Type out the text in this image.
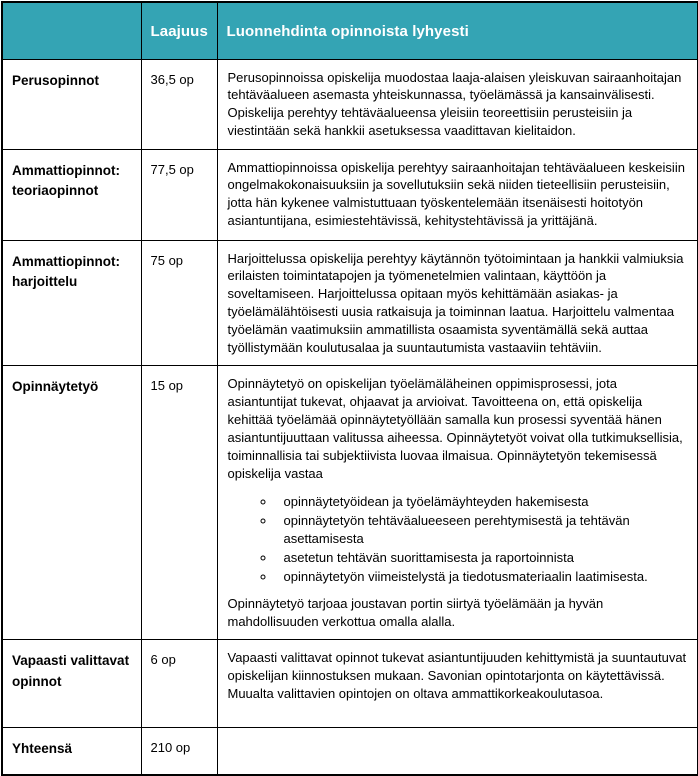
	Laajuus	Luonnehdinta opinnoista lyhyesti
Perusopinnot	36,5 op	Perusopinnoissa opiskelija muodostaa laaja-alaisen yleiskuvan sairaanhoitajan tehtäväalueen asemasta yhteiskunnassa, työelämässä ja kansainvälisesti. Opiskelija perehtyy tehtäväalueensa yleisiin teoreettisiin perusteisiin ja viestintään sekä hankkii asetuksessa vaadittavan kielitaidon.

Ammattiopinnot: teoriaopinnot	77,5 op	Ammattiopinnoissa opiskelija perehtyy sairaanhoitajan tehtäväalueen keskeisiin ongelmakokonaisuuksiin ja sovellutuksiin sekä niiden tieteellisiin perusteisiin, jotta hän kykenee valmistuttuaan työskentelemään itsenäisesti hoitotyön asiantuntijana, esimiestehtävissä, kehitystehtävissä ja yrittäjänä.

Ammattiopinnot: harjoittelu	75 op	Harjoittelussa opiskelija perehtyy käytännön työtoimintaan ja hankkii valmiuksia erilaisten toimintatapojen ja työmenetelmien valintaan, käyttöön ja soveltamiseen. Harjoittelussa opitaan myös kehittämään asiakas- ja työelämälähtöisesti uusia ratkaisuja ja toiminnan laatua. Harjoittelu valmentaa työelämän vaatimuksiin ammatillista osaamista syventämällä sekä auttaa työllistymään koulutusalaa ja suuntautumista vastaaviin tehtäviin.

Opinnäytetyö	15 op	Opinnäytetyö on opiskelijan työelämäläheinen oppimisprosessi, jota asiantuntijat tukevat, ohjaavat ja arvioivat. Tavoitteena on, että opiskelija kehittää työelämää opinnäytetyöllään samalla kun prosessi syventää hänen asiantuntijuuttaan valitussa aiheessa. Opinnäytetyöt voivat olla tutkimuksellisia, toiminnallisia tai subjektiivista luovaa ilmaisua. Opinnäytetyön tekemisessä opiskelija vastaa

◦ opinnäytetyöidean ja työelämäyhteyden hakemisesta
◦ opinnäytetyön tehtäväalueeseen perehtymisestä ja tehtävän asettamisesta
◦ asetetun tehtävän suorittamisesta ja raportoinnista
◦ opinnäytetyön viimeistelystä ja tiedotusmateriaalin laatimisesta.

Opinnäytetyö tarjoaa joustavan portin siirtyä työelämään ja hyvän mahdollisuuden verkottua omalla alalla.

Vapaasti valittavat opinnot	6 op	Vapaasti valittavat opinnot tukevat asiantuntijuuden kehittymistä ja suuntautuvat opiskelijan kiinnostuksen mukaan. Savonian opintotarjonta on käytettävissä. Muualta valittavien opintojen on oltava ammattikorkeakoulutasoa.

Yhteensä	210 op	
